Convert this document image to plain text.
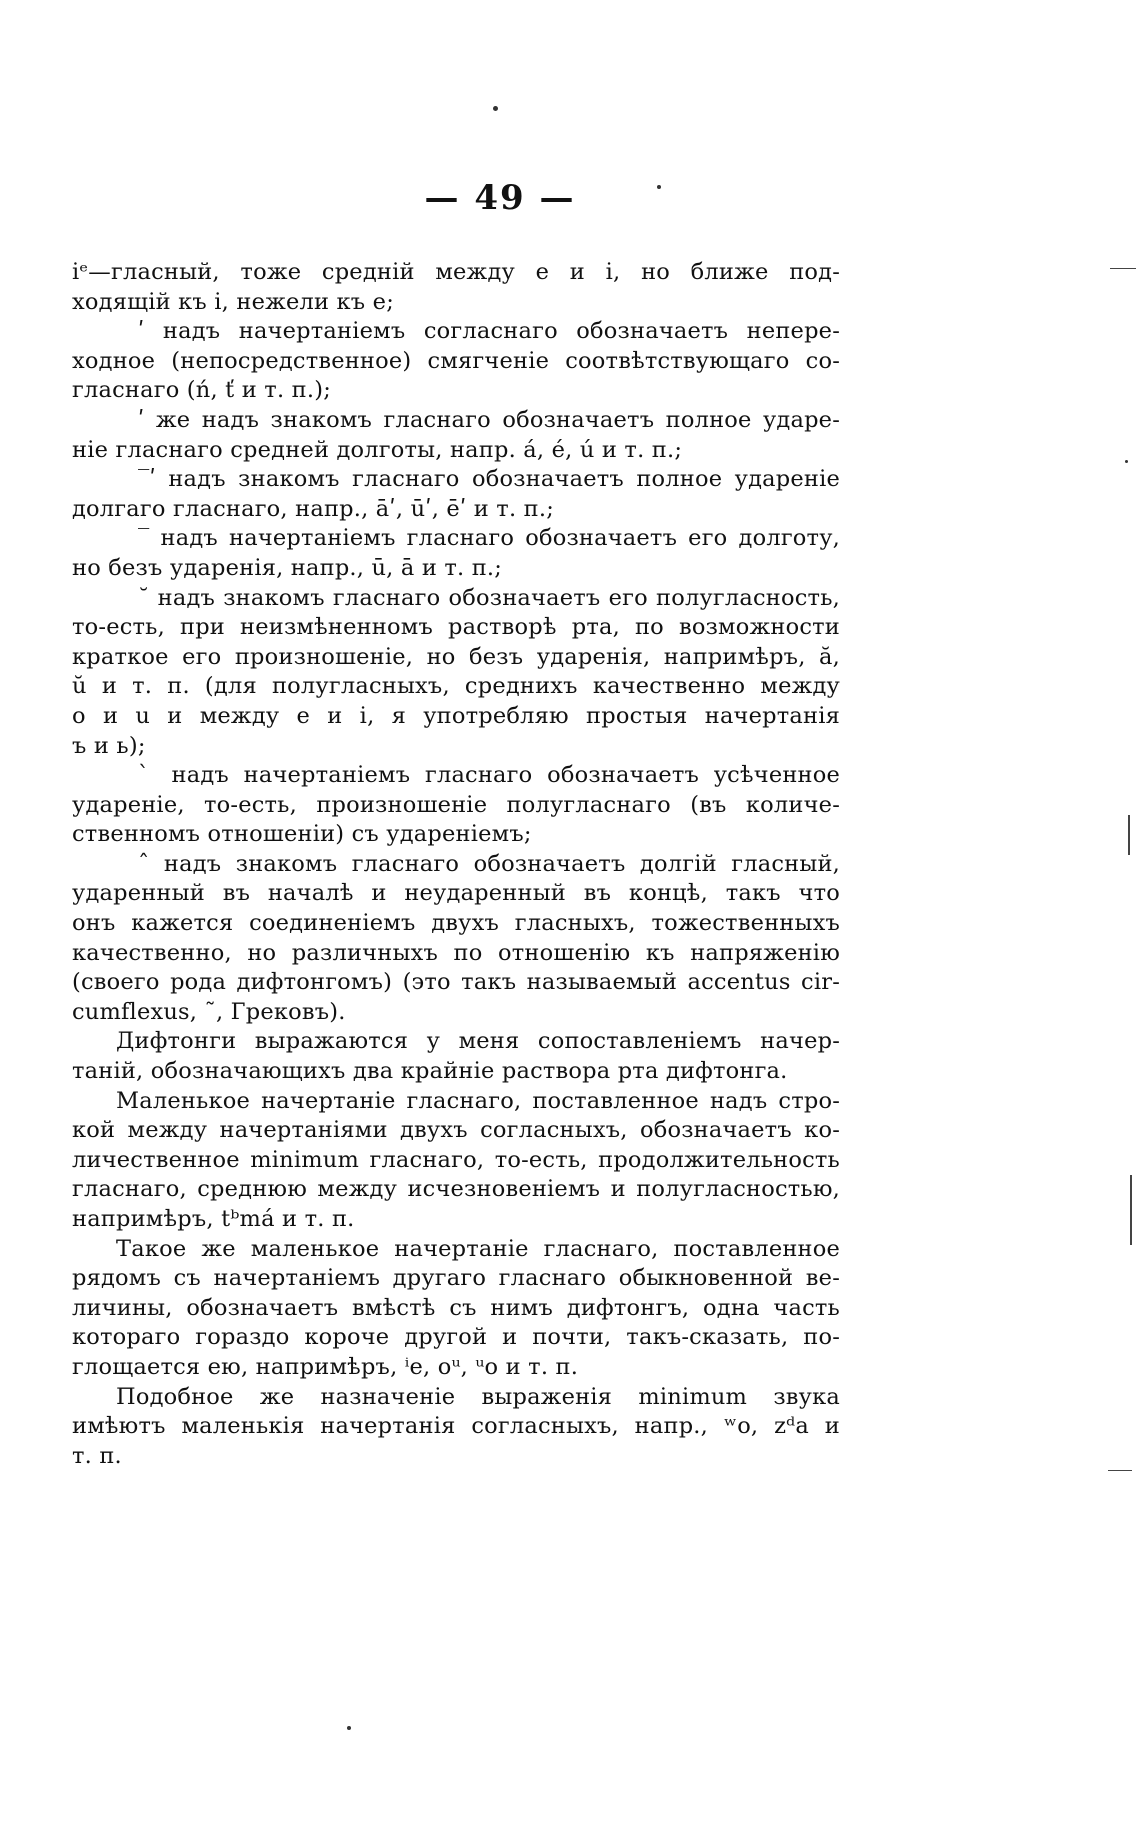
— 49 —
iᵉ—гласный, тоже средній между е и i, но ближе под-
ходящій къ i, нежели къ е;
ʹ надъ начертаніемъ согласнаго обозначаетъ непере-
ходное (непосредственное) смягченіе соотвѣтствующаго со-
гласнаго (ń, ť и т. п.);
ʹ же надъ знакомъ гласнаго обозначаетъ полное ударе-
ніе гласнаго средней долготы, напр. á, é, ú и т. п.;
‾ʹ надъ знакомъ гласнаго обозначаетъ полное удареніе
долгаго гласнаго, напр., āʹ, ūʹ, ēʹ и т. п.;
‾ надъ начертаніемъ гласнаго обозначаетъ его долготу,
но безъ ударенія, напр., ū, ā и т. п.;
˘ надъ знакомъ гласнаго обозначаетъ его полугласность,
то-есть, при неизмѣненномъ растворѣ рта, по возможности
краткое его произношеніе, но безъ ударенія, напримѣръ, ă,
ŭ и т. п. (для полугласныхъ, среднихъ качественно между
о и u и между е и i, я употребляю простыя начертанія
ъ и ь);
ˋ надъ начертаніемъ гласнаго обозначаетъ усѣченное
удареніе, то-есть, произношеніе полугласнаго (въ количе-
ственномъ отношеніи) съ удареніемъ;
ˆ надъ знакомъ гласнаго обозначаетъ долгій гласный,
ударенный въ началѣ и неударенный въ концѣ, такъ что
онъ кажется соединеніемъ двухъ гласныхъ, тожественныхъ
качественно, но различныхъ по отношенію къ напряженію
(своего рода дифтонгомъ) (это такъ называемый accentus cir-
cumflexus, ˜, Грековъ).
Дифтонги выражаются у меня сопоставленіемъ начер-
таній, обозначающихъ два крайніе раствора рта дифтонга.
Маленькое начертаніе гласнаго, поставленное надъ стро-
кой между начертаніями двухъ согласныхъ, обозначаетъ ко-
личественное minimum гласнаго, то-есть, продолжительность
гласнаго, среднюю между исчезновеніемъ и полугласностью,
напримѣръ, tᵇmá и т. п.
Такое же маленькое начертаніе гласнаго, поставленное
рядомъ съ начертаніемъ другаго гласнаго обыкновенной ве-
личины, обозначаетъ вмѣстѣ съ нимъ дифтонгъ, одна часть
котораго гораздо короче другой и почти, такъ-сказать, по-
глощается ею, напримѣръ, ⁱe, oᵘ, ᵘo и т. п.
Подобное же назначеніе выраженія minimum звука
имѣютъ маленькія начертанія согласныхъ, напр., ʷo, zᵈa и
т. п.
